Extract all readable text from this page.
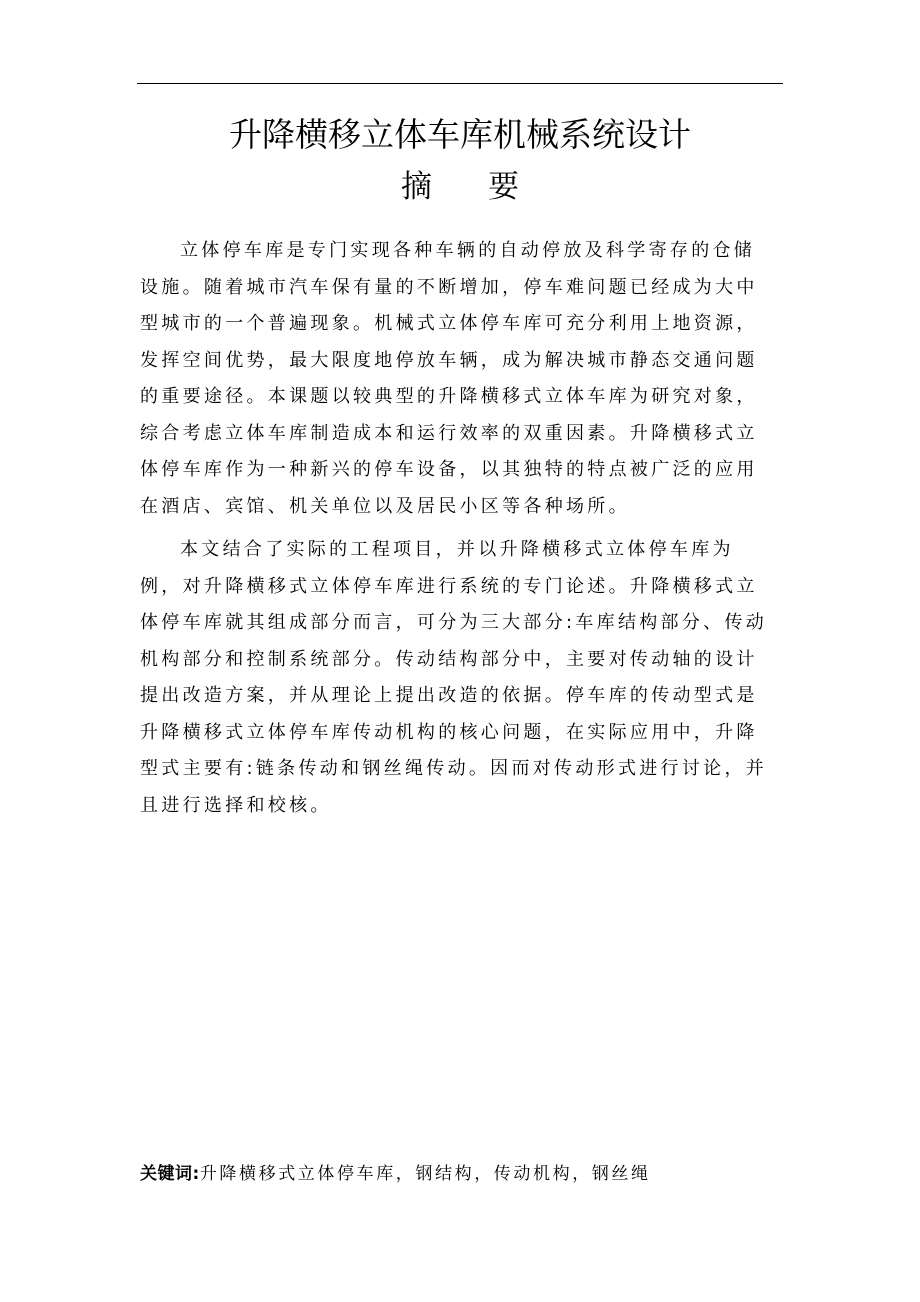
升降横移立体车库机械系统设计
摘要
立体停车库是专门实现各种车辆的自动停放及科学寄存的仓储
设施。随着城市汽车保有量的不断增加，停车难问题已经成为大中
型城市的一个普遍现象。机械式立体停车库可充分利用上地资源，
发挥空间优势，最大限度地停放车辆，成为解决城市静态交通问题
的重要途径。本课题以较典型的升降横移式立体车库为研究对象，
综合考虑立体车库制造成本和运行效率的双重因素。升降横移式立
体停车库作为一种新兴的停车设备，以其独特的特点被广泛的应用
在酒店、宾馆、机关单位以及居民小区等各种场所。
本文结合了实际的工程项目，并以升降横移式立体停车库为
例，对升降横移式立体停车库进行系统的专门论述。升降横移式立
体停车库就其组成部分而言，可分为三大部分:车库结构部分、传动
机构部分和控制系统部分。传动结构部分中，主要对传动轴的设计
提出改造方案，并从理论上提出改造的依据。停车库的传动型式是
升降横移式立体停车库传动机构的核心问题，在实际应用中，升降
型式主要有:链条传动和钢丝绳传动。因而对传动形式进行讨论，并
且进行选择和校核。
关键词:升降横移式立体停车库，钢结构，传动机构，钢丝绳
